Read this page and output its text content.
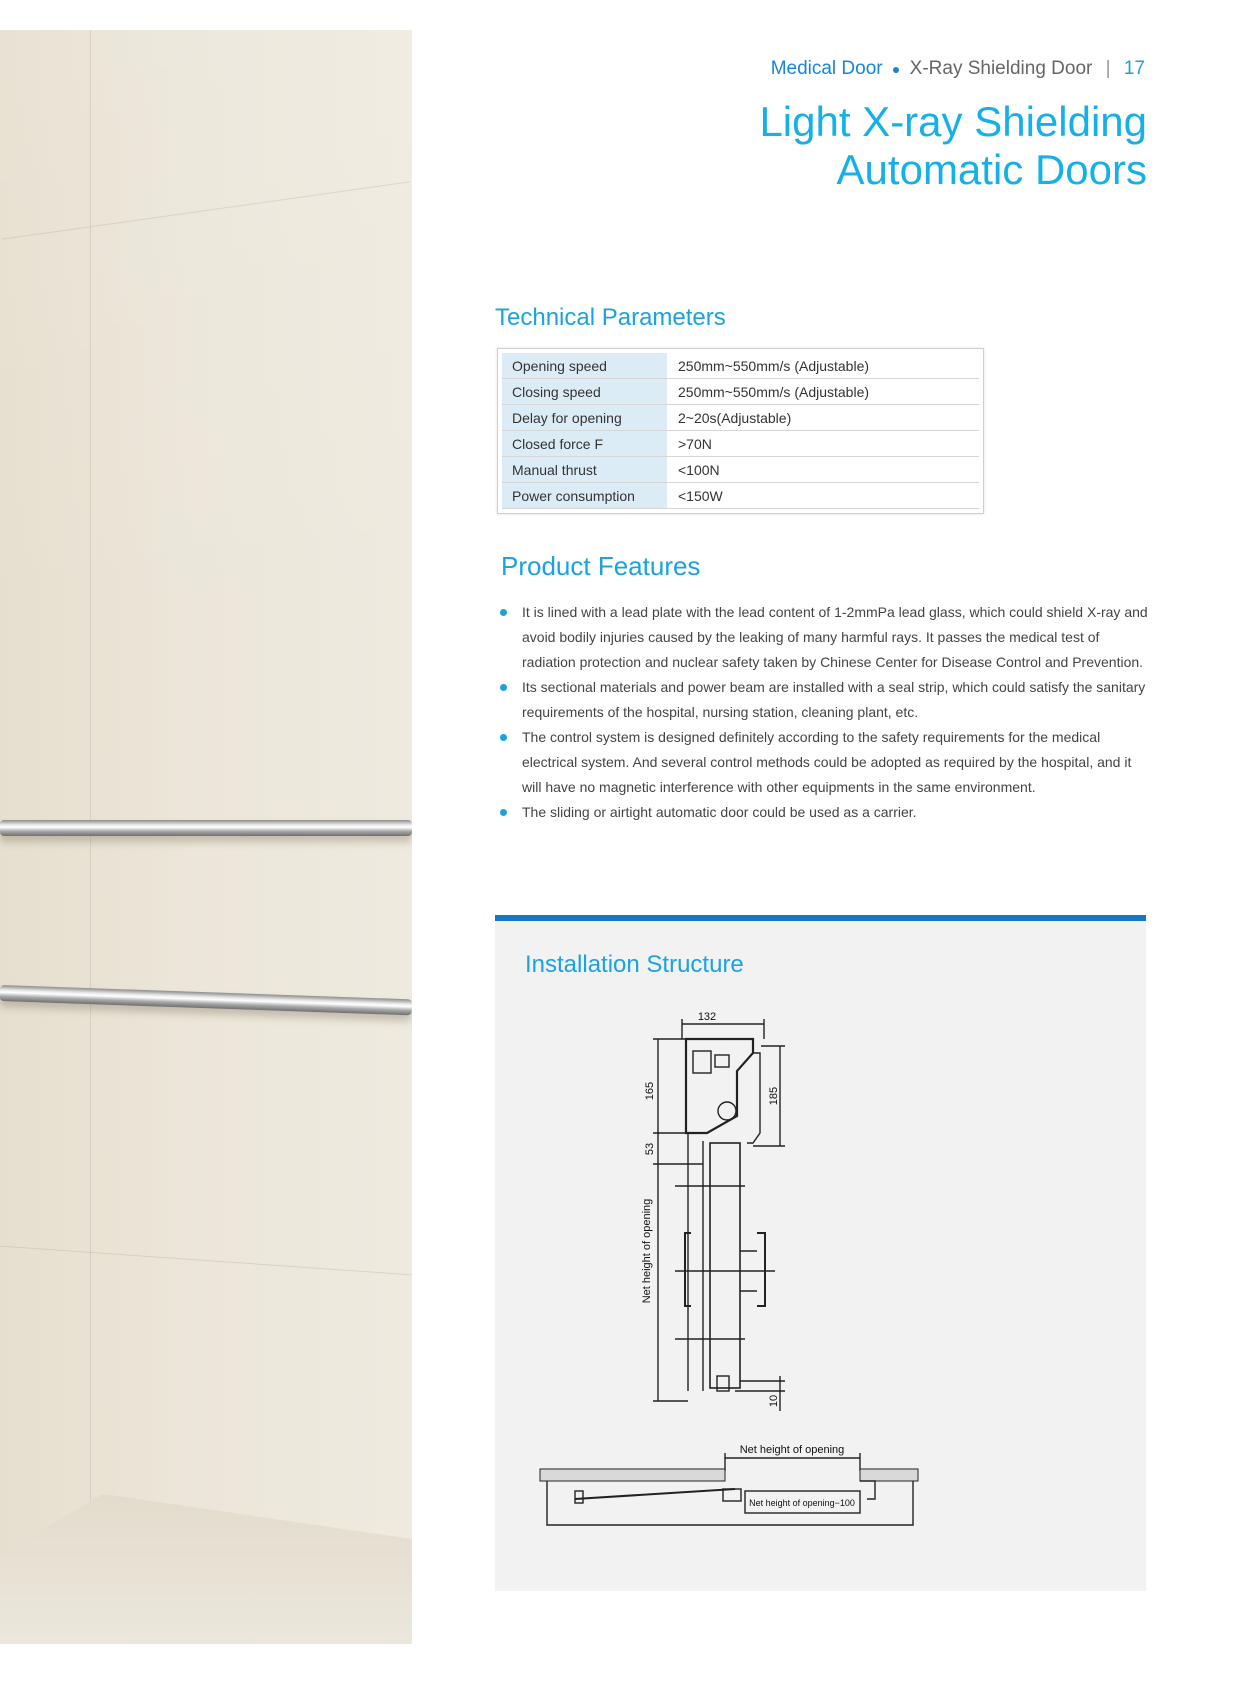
Medical Door ● X-Ray Shielding Door | 17
Light X-ray Shielding
Automatic Doors
Technical Parameters
Opening speed	250mm~550mm/s (Adjustable)
Closing speed	250mm~550mm/s (Adjustable)
Delay for opening	2~20s(Adjustable)
Closed force F	>70N
Manual thrust	<100N
Power consumption	<150W
Product Features
It is lined with a lead plate with the lead content of 1-2mmPa lead glass, which could shield X-ray and avoid bodily injuries caused by the leaking of many harmful rays. It passes the medical test of radiation protection and nuclear safety taken by Chinese Center for Disease Control and Prevention.
Its sectional materials and power beam are installed with a seal strip, which could satisfy the sanitary requirements of the hospital, nursing station, cleaning plant, etc.
The control system is designed definitely according to the safety requirements for the medical electrical system. And several control methods could be adopted as required by the hospital, and it will have no magnetic interference with other equipments in the same environment.
The sliding or airtight automatic door could be used as a carrier.
Installation Structure
132
165	185
53
Net height of opening
10
Net height of opening
Net height of opening−100
